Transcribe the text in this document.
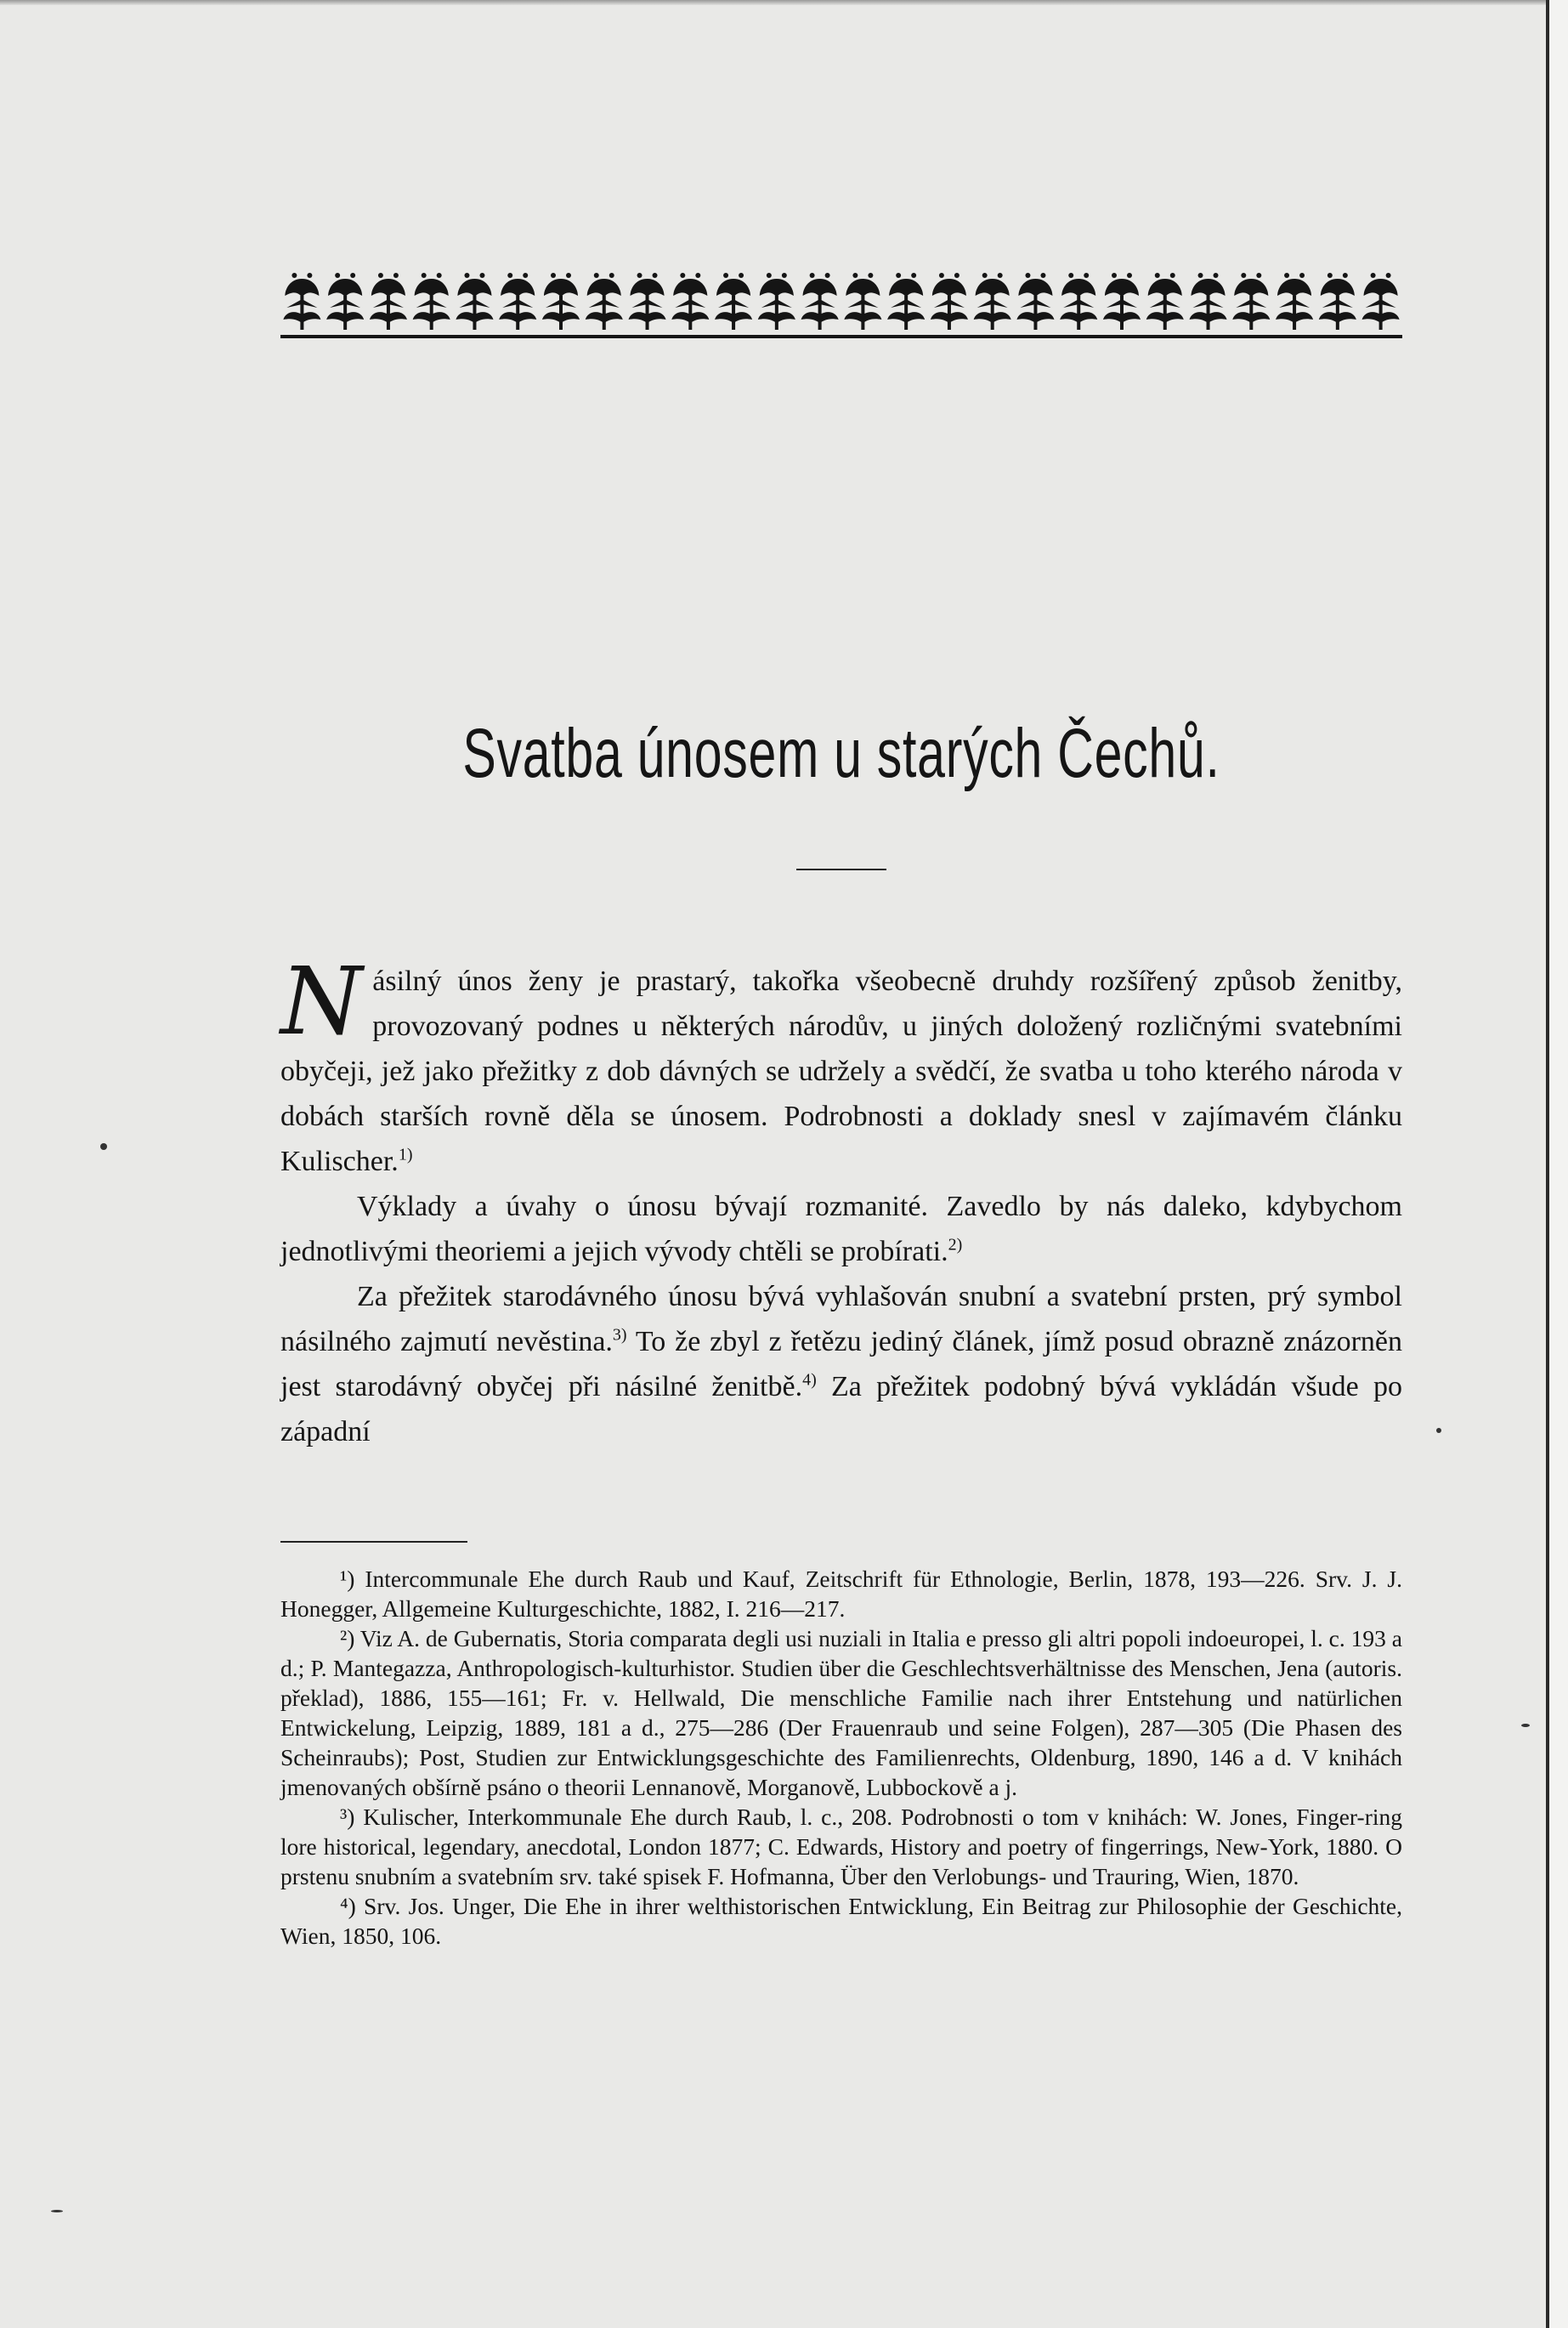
Svatba únosem u starých Čechů.

Násilný únos ženy je prastarý, takořka všeobecně druhdy rozšířený způsob ženitby, provozovaný podnes u některých národův, u jiných doložený rozličnými svatebními obyčeji, jež jako přežitky z dob dávných se udržely a svědčí, že svatba u toho kterého národa v dobách starších rovně děla se únosem. Podrobnosti a doklady snesl v zajímavém článku Kulischer.$^{1)}$

Výklady a úvahy o únosu bývají rozmanité. Zavedlo by nás daleko, kdybychom jednotlivými theoriemi a jejich vývody chtěli se probírati.$^{2)}$

Za přežitek starodávného únosu bývá vyhlašován snubní a svatební prsten, prý symbol násilného zajmutí nevěstina.$^{3)}$ To že zbyl z řetězu jediný článek, jímž posud obrazně znázorněn jest starodávný obyčej při násilné ženitbě.$^{4)}$ Za přežitek podobný bývá vykládán všude po západní

¹) Intercommunale Ehe durch Raub und Kauf, Zeitschrift für Ethnologie, Berlin, 1878, 193—226. Srv. J. J. Honegger, Allgemeine Kulturgeschichte, 1882, I. 216—217.

²) Viz A. de Gubernatis, Storia comparata degli usi nuziali in Italia e presso gli altri popoli indoeuropei, l. c. 193 a d.; P. Mantegazza, Anthropologisch-kulturhistor. Studien über die Geschlechtsverhältnisse des Menschen, Jena (autoris. překlad), 1886, 155—161; Fr. v. Hellwald, Die menschliche Familie nach ihrer Entstehung und natürlichen Entwickelung, Leipzig, 1889, 181 a d., 275—286 (Der Frauenraub und seine Folgen), 287—305 (Die Phasen des Scheinraubs); Post, Studien zur Entwicklungsgeschichte des Familienrechts, Oldenburg, 1890, 146 a d. V knihách jmenovaných obšírně psáno o theorii Lennanově, Morganově, Lubbockově a j.

³) Kulischer, Interkommunale Ehe durch Raub, l. c., 208. Podrobnosti o tom v knihách: W. Jones, Finger-ring lore historical, legendary, anecdotal, London 1877; C. Edwards, History and poetry of fingerrings, New-York, 1880. O prstenu snubním a svatebním srv. také spisek F. Hofmanna, Über den Verlobungs- und Trauring, Wien, 1870.

⁴) Srv. Jos. Unger, Die Ehe in ihrer welthistorischen Entwicklung, Ein Beitrag zur Philosophie der Geschichte, Wien, 1850, 106.
